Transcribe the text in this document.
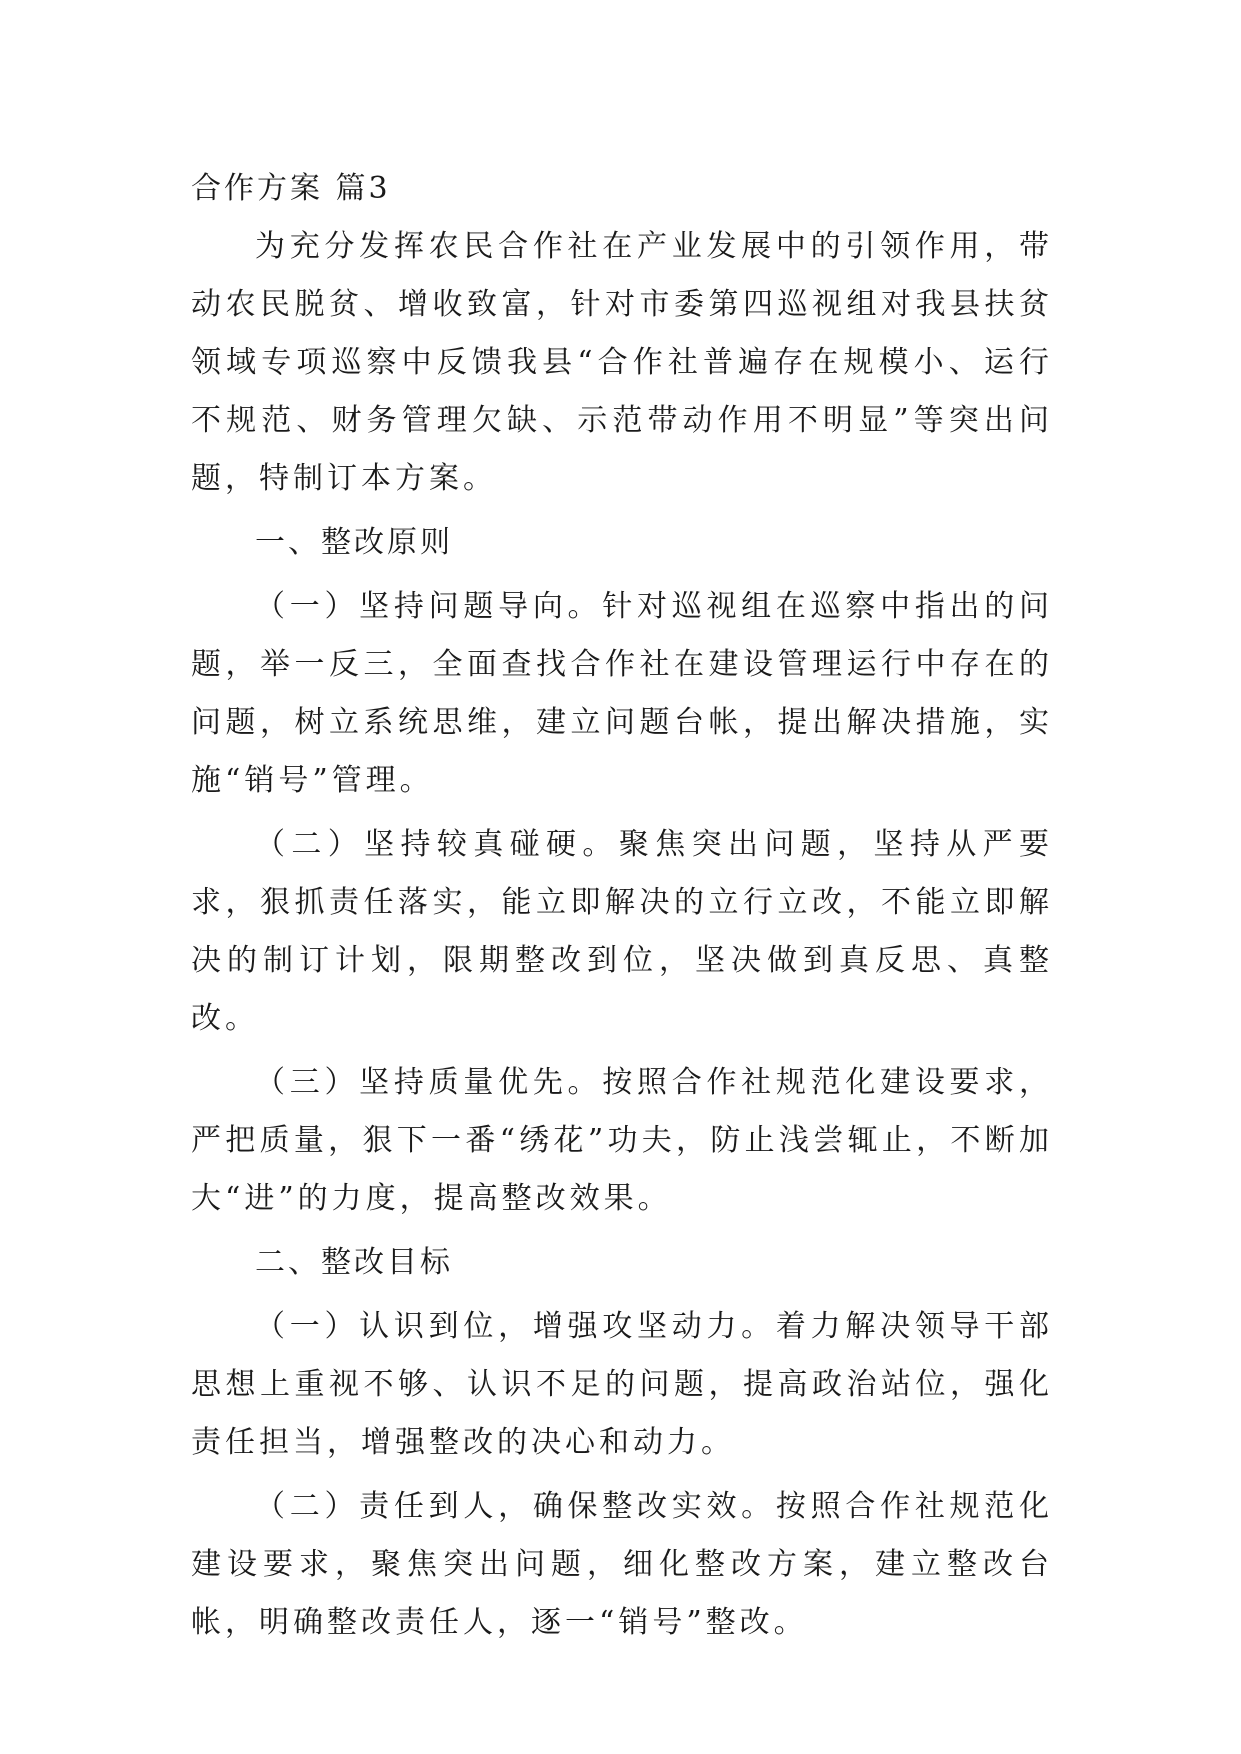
合作方案 篇3

为充分发挥农民合作社在产业发展中的引领作用，带动农民脱贫、增收致富，针对市委第四巡视组对我县扶贫领域专项巡察中反馈我县“合作社普遍存在规模小、运行不规范、财务管理欠缺、示范带动作用不明显”等突出问题，特制订本方案。

一、整改原则

（一）坚持问题导向。针对巡视组在巡察中指出的问题，举一反三，全面查找合作社在建设管理运行中存在的问题，树立系统思维，建立问题台帐，提出解决措施，实施“销号”管理。

（二）坚持较真碰硬。聚焦突出问题，坚持从严要求，狠抓责任落实，能立即解决的立行立改，不能立即解决的制订计划，限期整改到位，坚决做到真反思、真整改。

（三）坚持质量优先。按照合作社规范化建设要求，严把质量，狠下一番“绣花”功夫，防止浅尝辄止，不断加大“进”的力度，提高整改效果。

二、整改目标

（一）认识到位，增强攻坚动力。着力解决领导干部思想上重视不够、认识不足的问题，提高政治站位，强化责任担当，增强整改的决心和动力。

（二）责任到人，确保整改实效。按照合作社规范化建设要求，聚焦突出问题，细化整改方案，建立整改台帐，明确整改责任人，逐一“销号”整改。
